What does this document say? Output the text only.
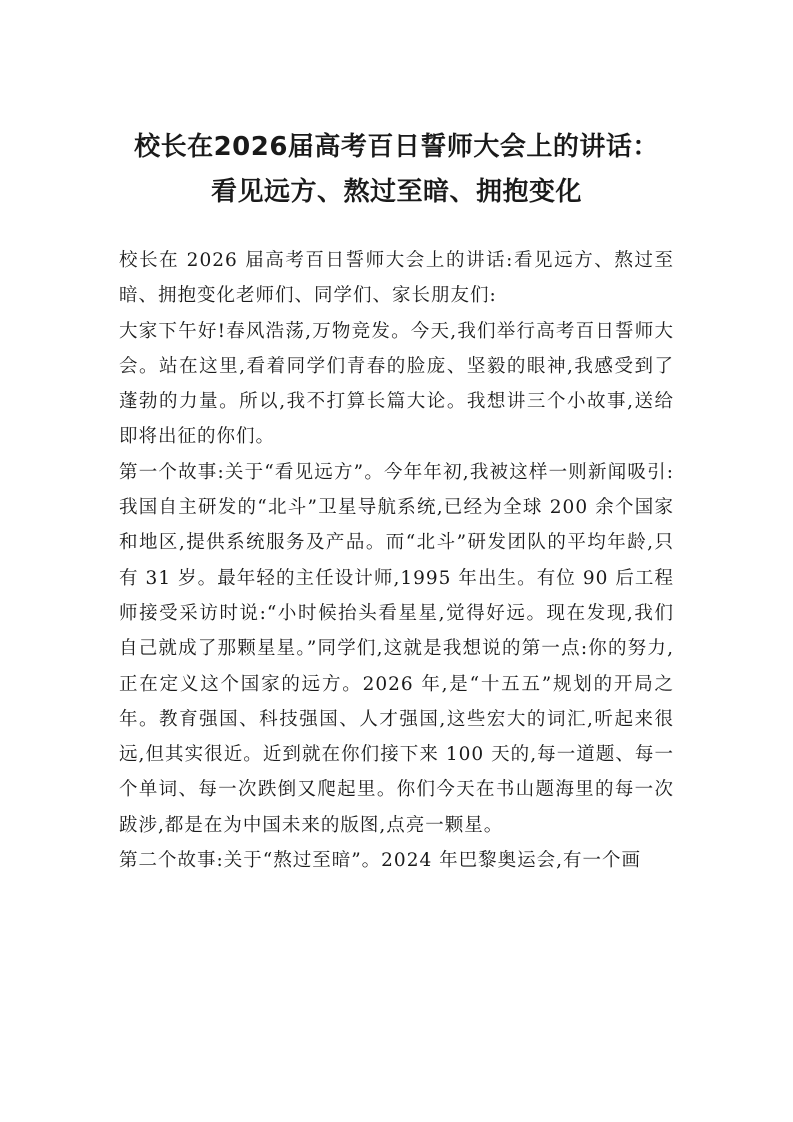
校长在2026届高考百日誓师大会上的讲话：
看见远方、熬过至暗、拥抱变化

校长在 2026 届高考百日誓师大会上的讲话:看见远方、熬过至暗、拥抱变化老师们、同学们、家长朋友们:

大家下午好!春风浩荡,万物竞发。今天,我们举行高考百日誓师大会。站在这里,看着同学们青春的脸庞、坚毅的眼神,我感受到了蓬勃的力量。所以,我不打算长篇大论。我想讲三个小故事,送给即将出征的你们。

第一个故事:关于“看见远方”。今年年初,我被这样一则新闻吸引:我国自主研发的“北斗”卫星导航系统,已经为全球 200 余个国家和地区,提供系统服务及产品。而“北斗”研发团队的平均年龄,只有 31 岁。最年轻的主任设计师,1995 年出生。有位 90 后工程师接受采访时说:“小时候抬头看星星,觉得好远。现在发现,我们自己就成了那颗星星。”同学们,这就是我想说的第一点:你的努力,正在定义这个国家的远方。2026 年,是“十五五”规划的开局之年。教育强国、科技强国、人才强国,这些宏大的词汇,听起来很远,但其实很近。近到就在你们接下来 100 天的,每一道题、每一个单词、每一次跌倒又爬起里。你们今天在书山题海里的每一次跋涉,都是在为中国未来的版图,点亮一颗星。

第二个故事:关于“熬过至暗”。2024 年巴黎奥运会,有一个画
